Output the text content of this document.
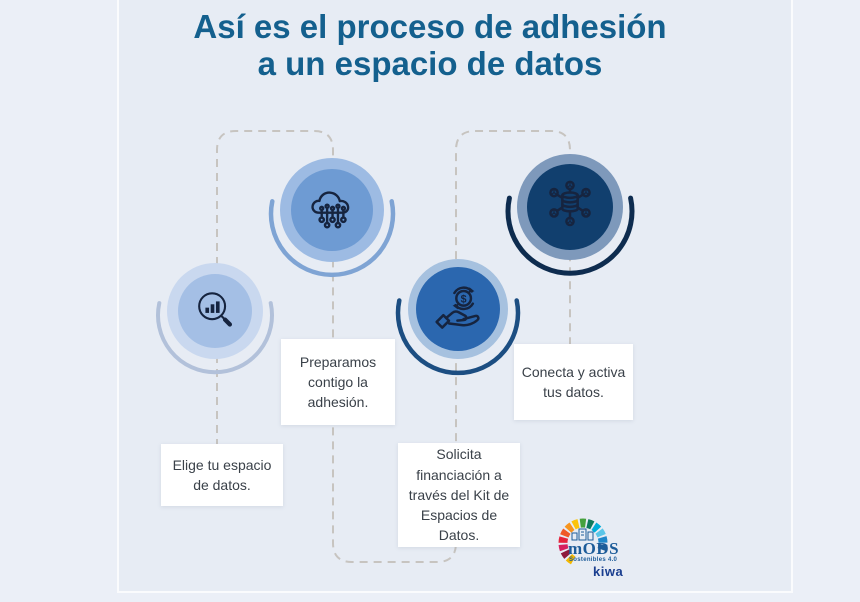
Así es el proceso de adhesión
a un espacio de datos
$
Elige tu espacio de datos.
Preparamos contigo la adhesión.
Solicita financiación a través del Kit de Espacios de Datos.
Conecta y activa tus datos.
mODS
Sostenibles 4.0
kiwa
